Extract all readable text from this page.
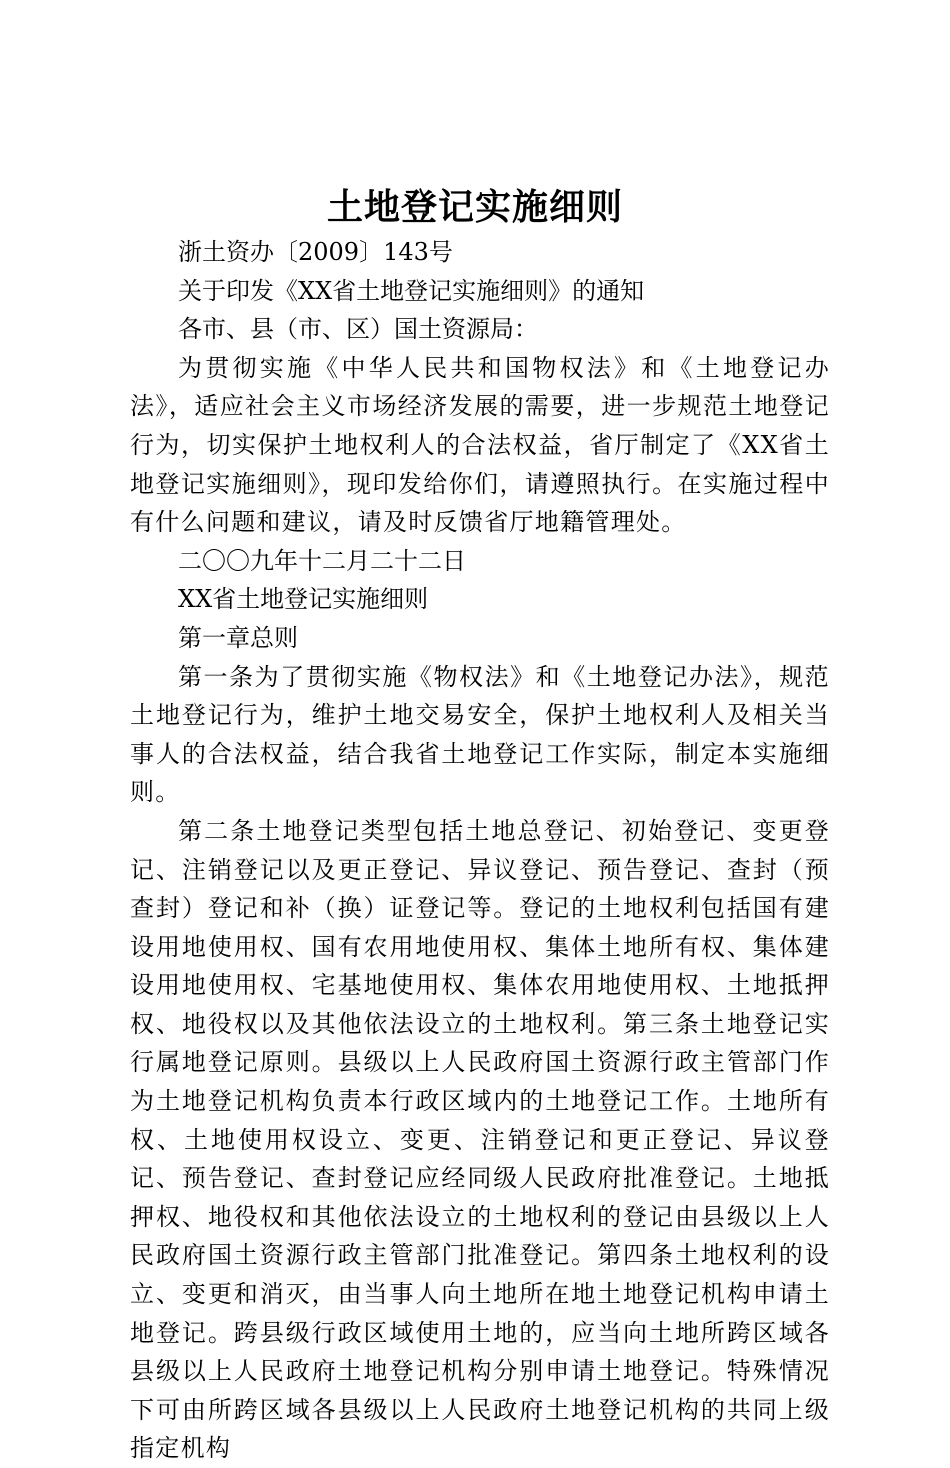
土地登记实施细则

浙土资办〔2009〕143号

关于印发《XX省土地登记实施细则》的通知

各市、县（市、区）国土资源局：

为贯彻实施《中华人民共和国物权法》和《土地登记办法》，适应社会主义市场经济发展的需要，进一步规范土地登记行为，切实保护土地权利人的合法权益，省厅制定了《XX省土地登记实施细则》，现印发给你们，请遵照执行。在实施过程中有什么问题和建议，请及时反馈省厅地籍管理处。

二〇〇九年十二月二十二日

XX省土地登记实施细则

第一章总则

第一条为了贯彻实施《物权法》和《土地登记办法》，规范土地登记行为，维护土地交易安全，保护土地权利人及相关当事人的合法权益，结合我省土地登记工作实际，制定本实施细则。

第二条土地登记类型包括土地总登记、初始登记、变更登记、注销登记以及更正登记、异议登记、预告登记、查封（预查封）登记和补（换）证登记等。登记的土地权利包括国有建设用地使用权、国有农用地使用权、集体土地所有权、集体建设用地使用权、宅基地使用权、集体农用地使用权、土地抵押权、地役权以及其他依法设立的土地权利。第三条土地登记实行属地登记原则。县级以上人民政府国土资源行政主管部门作为土地登记机构负责本行政区域内的土地登记工作。土地所有权、土地使用权设立、变更、注销登记和更正登记、异议登记、预告登记、查封登记应经同级人民政府批准登记。土地抵押权、地役权和其他依法设立的土地权利的登记由县级以上人民政府国土资源行政主管部门批准登记。第四条土地权利的设立、变更和消灭，由当事人向土地所在地土地登记机构申请土地登记。跨县级行政区域使用土地的，应当向土地所跨区域各县级以上人民政府土地登记机构分别申请土地登记。特殊情况下可由所跨区域各县级以上人民政府土地登记机构的共同上级指定机构
